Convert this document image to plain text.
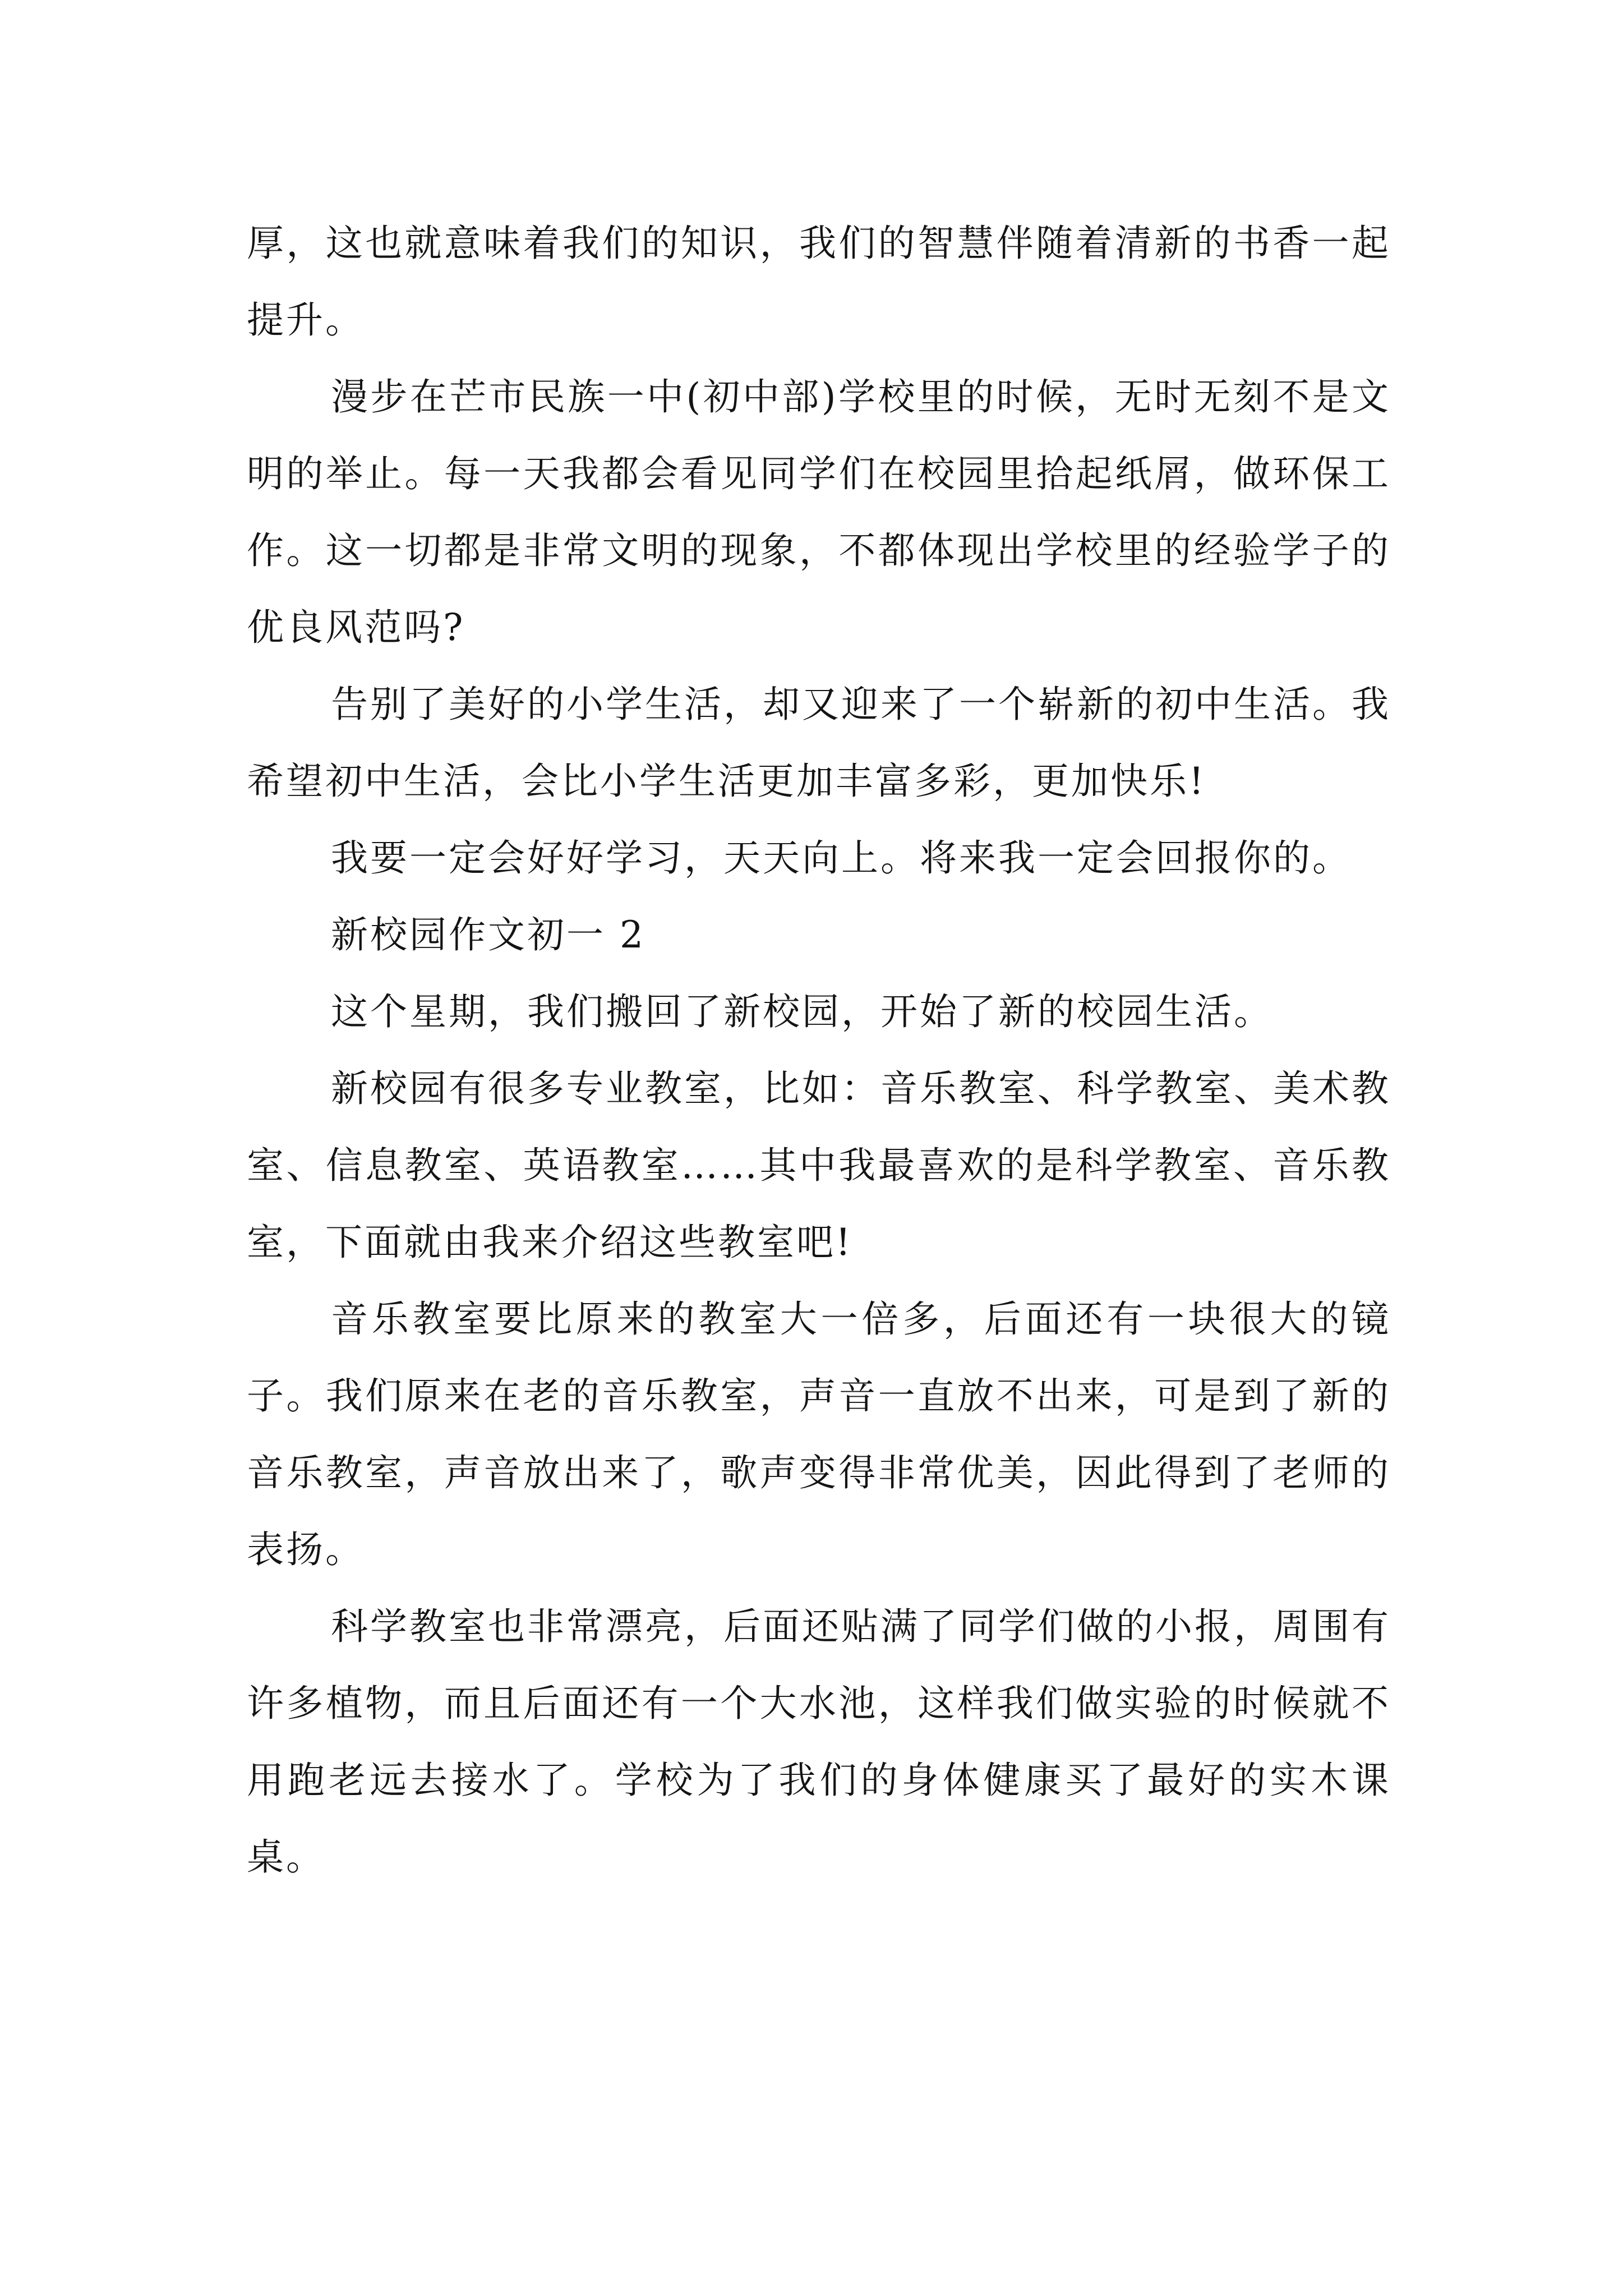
厚，这也就意味着我们的知识，我们的智慧伴随着清新的书香一起提升。

漫步在芒市民族一中(初中部)学校里的时候，无时无刻不是文明的举止。每一天我都会看见同学们在校园里拾起纸屑，做环保工作。这一切都是非常文明的现象，不都体现出学校里的经验学子的优良风范吗?

告别了美好的小学生活，却又迎来了一个崭新的初中生活。我希望初中生活，会比小学生活更加丰富多彩，更加快乐!

我要一定会好好学习，天天向上。将来我一定会回报你的。

新校园作文初一 2

这个星期，我们搬回了新校园，开始了新的校园生活。

新校园有很多专业教室，比如：音乐教室、科学教室、美术教室、信息教室、英语教室……其中我最喜欢的是科学教室、音乐教室，下面就由我来介绍这些教室吧!

音乐教室要比原来的教室大一倍多，后面还有一块很大的镜子。我们原来在老的音乐教室，声音一直放不出来，可是到了新的音乐教室，声音放出来了，歌声变得非常优美，因此得到了老师的表扬。

科学教室也非常漂亮，后面还贴满了同学们做的小报，周围有许多植物，而且后面还有一个大水池，这样我们做实验的时候就不用跑老远去接水了。学校为了我们的身体健康买了最好的实木课桌。
